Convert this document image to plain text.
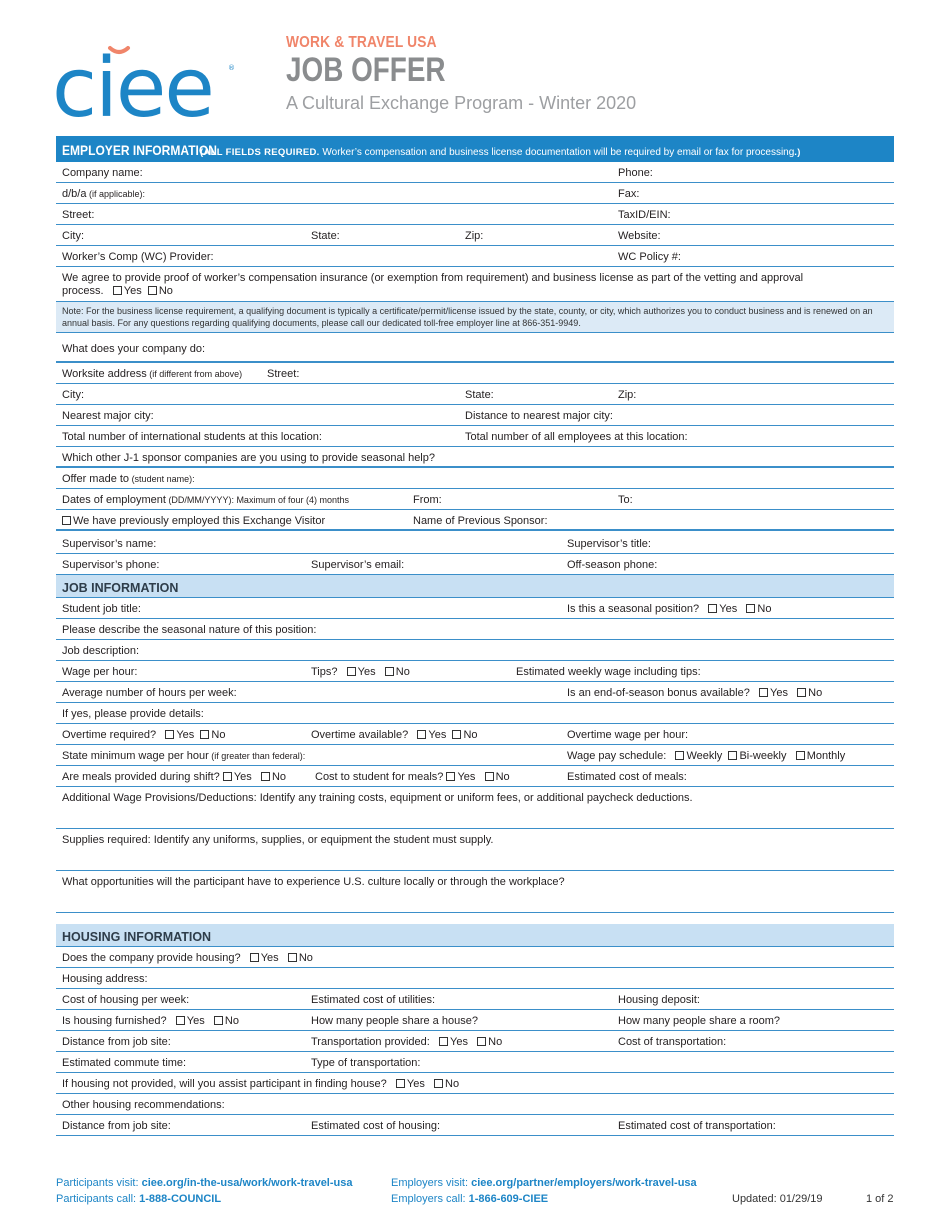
ciee ®
WORK & TRAVEL USA
JOB OFFER
A Cultural Exchange Program - Winter 2020
EMPLOYER INFORMATION
(ALL FIELDS REQUIRED. Worker’s compensation and business license documentation will be required by email or fax for processing.)
Company name:	Phone:
d/b/a (if applicable):	Fax:
Street:	TaxID/EIN:
City:	State:	Zip:	Website:
Worker’s Comp (WC) Provider:	WC Policy #:
We agree to provide proof of worker’s compensation insurance (or exemption from requirement) and business license as part of the vetting and approval
process. Yes No
Note: For the business license requirement, a qualifying document is typically a certificate/permit/license issued by the state, county, or city, which authorizes you to conduct business and is renewed on an annual basis. For any questions regarding qualifying documents, please call our dedicated toll-free employer line at 866-351-9949.
What does your company do:
Worksite address (if different from above) Street:
City:	State:	Zip:
Nearest major city:	Distance to nearest major city:
Total number of international students at this location:	Total number of all employees at this location:
Which other J-1 sponsor companies are you using to provide seasonal help?
Offer made to (student name):
Dates of employment (DD/MM/YYYY): Maximum of four (4) months	From:	To:
We have previously employed this Exchange Visitor	Name of Previous Sponsor:
Supervisor’s name:	Supervisor’s title:
Supervisor’s phone:	Supervisor’s email:	Off-season phone:
JOB INFORMATION
Student job title:	Is this a seasonal position? Yes No
Please describe the seasonal nature of this position:
Job description:
Wage per hour:	Tips? Yes No	Estimated weekly wage including tips:
Average number of hours per week:	Is an end-of-season bonus available? Yes No
If yes, please provide details:
Overtime required? Yes No	Overtime available? Yes No	Overtime wage per hour:
State minimum wage per hour (if greater than federal):	Wage pay schedule: Weekly Bi-weekly Monthly
Are meals provided during shift? Yes No	Cost to student for meals? Yes No	Estimated cost of meals:
Additional Wage Provisions/Deductions: Identify any training costs, equipment or uniform fees, or additional paycheck deductions.
Supplies required: Identify any uniforms, supplies, or equipment the student must supply.
What opportunities will the participant have to experience U.S. culture locally or through the workplace?
HOUSING INFORMATION
Does the company provide housing? Yes No
Housing address:
Cost of housing per week:	Estimated cost of utilities:	Housing deposit:
Is housing furnished? Yes No	How many people share a house?	How many people share a room?
Distance from job site:	Transportation provided: Yes No	Cost of transportation:
Estimated commute time:	Type of transportation:
If housing not provided, will you assist participant in finding house? Yes No
Other housing recommendations:
Distance from job site:	Estimated cost of housing:	Estimated cost of transportation:
Participants visit: ciee.org/in-the-usa/work/work-travel-usa
Participants call: 1-888-COUNCIL
Employers visit: ciee.org/partner/employers/work-travel-usa
Employers call: 1-866-609-CIEE	Updated: 01/29/19	1 of 2
